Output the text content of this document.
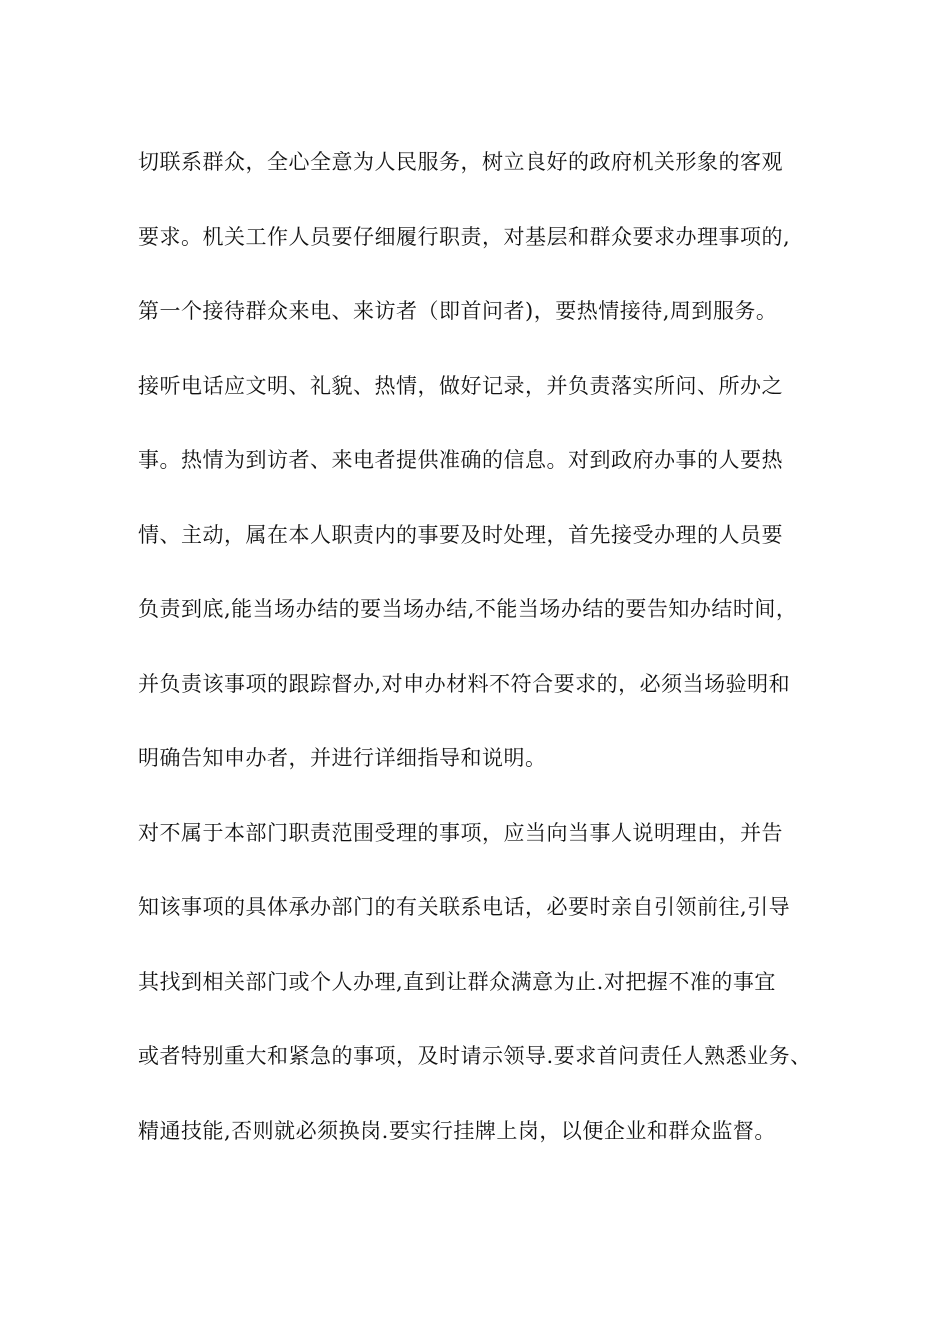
切联系群众，全心全意为人民服务，树立良好的政府机关形象的客观
要求。机关工作人员要仔细履行职责，对基层和群众要求办理事项的,
第一个接待群众来电、来访者（即首问者)，要热情接待,周到服务。
接听电话应文明、礼貌、热情，做好记录，并负责落实所问、所办之
事。热情为到访者、来电者提供准确的信息。对到政府办事的人要热
情、主动，属在本人职责内的事要及时处理，首先接受办理的人员要
负责到底,能当场办结的要当场办结,不能当场办结的要告知办结时间，
并负责该事项的跟踪督办,对申办材料不符合要求的，必须当场验明和
明确告知申办者，并进行详细指导和说明。
对不属于本部门职责范围受理的事项，应当向当事人说明理由，并告
知该事项的具体承办部门的有关联系电话，必要时亲自引领前往,引导
其找到相关部门或个人办理,直到让群众满意为止.对把握不准的事宜
或者特别重大和紧急的事项，及时请示领导.要求首问责任人熟悉业务、
精通技能,否则就必须换岗.要实行挂牌上岗，以便企业和群众监督。
